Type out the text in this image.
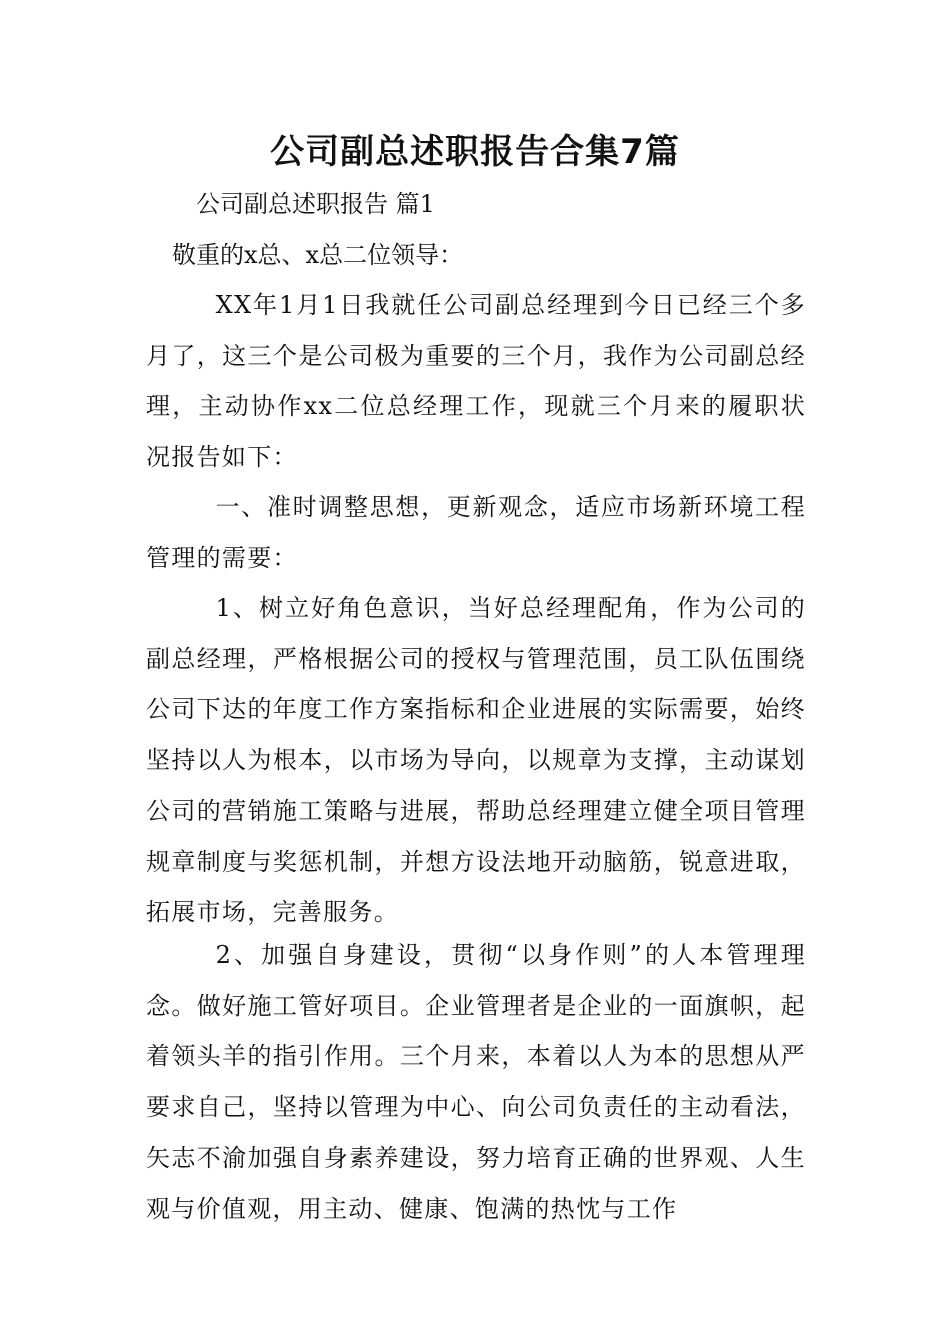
公司副总述职报告合集7篇

公司副总述职报告 篇1

敬重的x总、x总二位领导：

XX年1月1日我就任公司副总经理到今日已经三个多月了，这三个是公司极为重要的三个月，我作为公司副总经理，主动协作xx二位总经理工作，现就三个月来的履职状况报告如下：

一、准时调整思想，更新观念，适应市场新环境工程管理的需要：

1、树立好角色意识，当好总经理配角，作为公司的副总经理，严格根据公司的授权与管理范围，员工队伍围绕公司下达的年度工作方案指标和企业进展的实际需要，始终坚持以人为根本，以市场为导向，以规章为支撑，主动谋划公司的营销施工策略与进展，帮助总经理建立健全项目管理规章制度与奖惩机制，并想方设法地开动脑筋，锐意进取，拓展市场，完善服务。

2、加强自身建设，贯彻“以身作则”的人本管理理念。做好施工管好项目。企业管理者是企业的一面旗帜，起着领头羊的指引作用。三个月来，本着以人为本的思想从严要求自己，坚持以管理为中心、向公司负责任的主动看法，矢志不渝加强自身素养建设，努力培育正确的世界观、人生观与价值观，用主动、健康、饱满的热忱与工作
